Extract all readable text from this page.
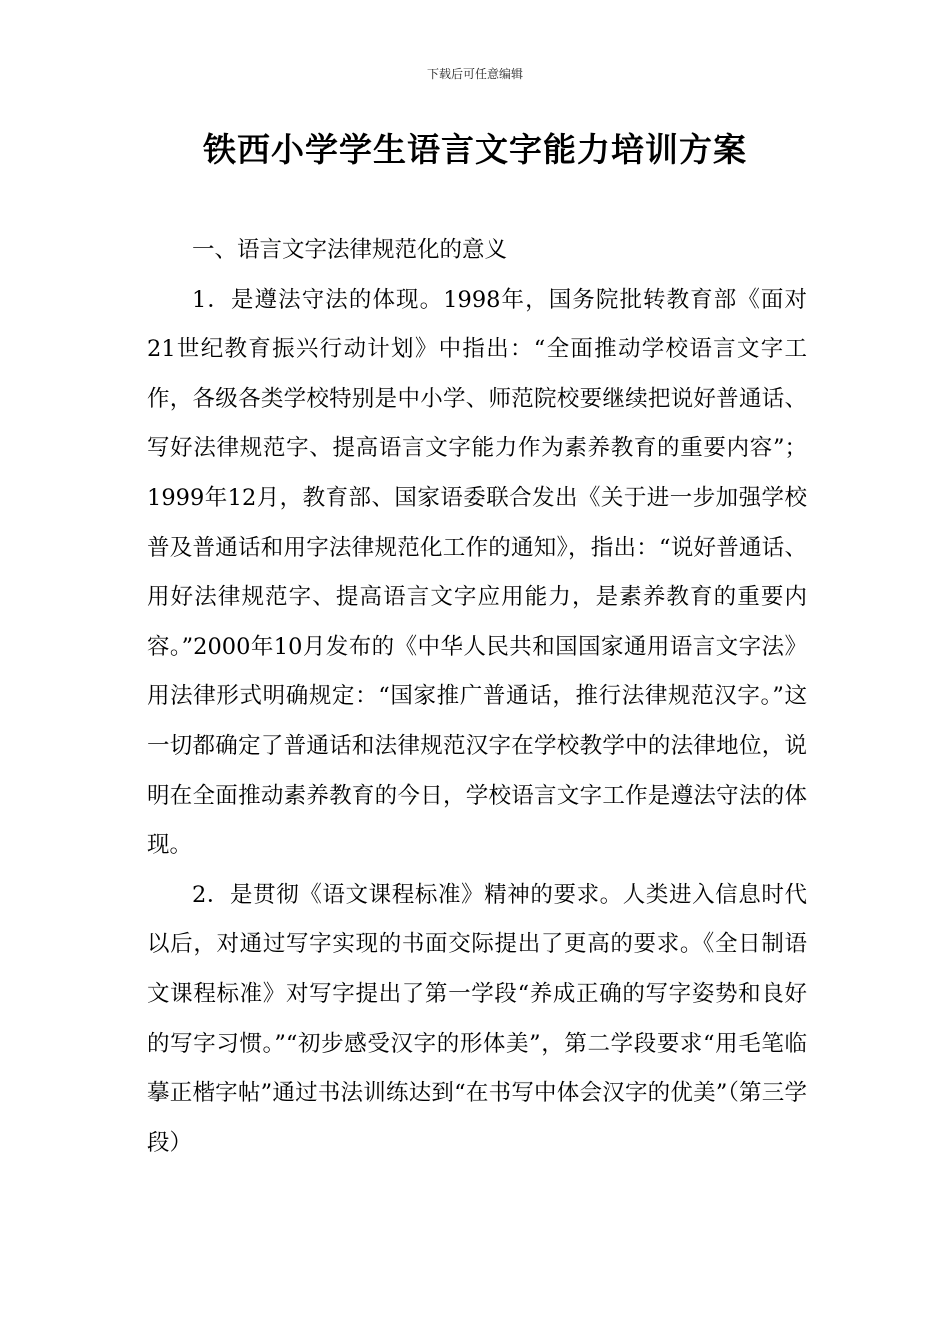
下载后可任意编辑
铁西小学学生语言文字能力培训方案

一、语言文字法律规范化的意义

1．是遵法守法的体现。1998年，国务院批转教育部《面对21世纪教育振兴行动计划》中指出：“全面推动学校语言文字工作，各级各类学校特别是中小学、师范院校要继续把说好普通话、写好法律规范字、提高语言文字能力作为素养教育的重要内容”；1999年12月，教育部、国家语委联合发出《关于进一步加强学校普及普通话和用字法律规范化工作的通知》，指出：“说好普通话、用好法律规范字、提高语言文字应用能力，是素养教育的重要内容。”2000年10月发布的《中华人民共和国国家通用语言文字法》用法律形式明确规定：“国家推广普通话，推行法律规范汉字。”这一切都确定了普通话和法律规范汉字在学校教学中的法律地位，说明在全面推动素养教育的今日，学校语言文字工作是遵法守法的体现。

2．是贯彻《语文课程标准》精神的要求。人类进入信息时代以后，对通过写字实现的书面交际提出了更高的要求。《全日制语文课程标准》对写字提出了第一学段“养成正确的写字姿势和良好的写字习惯。”“初步感受汉字的形体美”，第二学段要求“用毛笔临摹正楷字帖”通过书法训练达到“在书写中体会汉字的优美”（第三学段）
